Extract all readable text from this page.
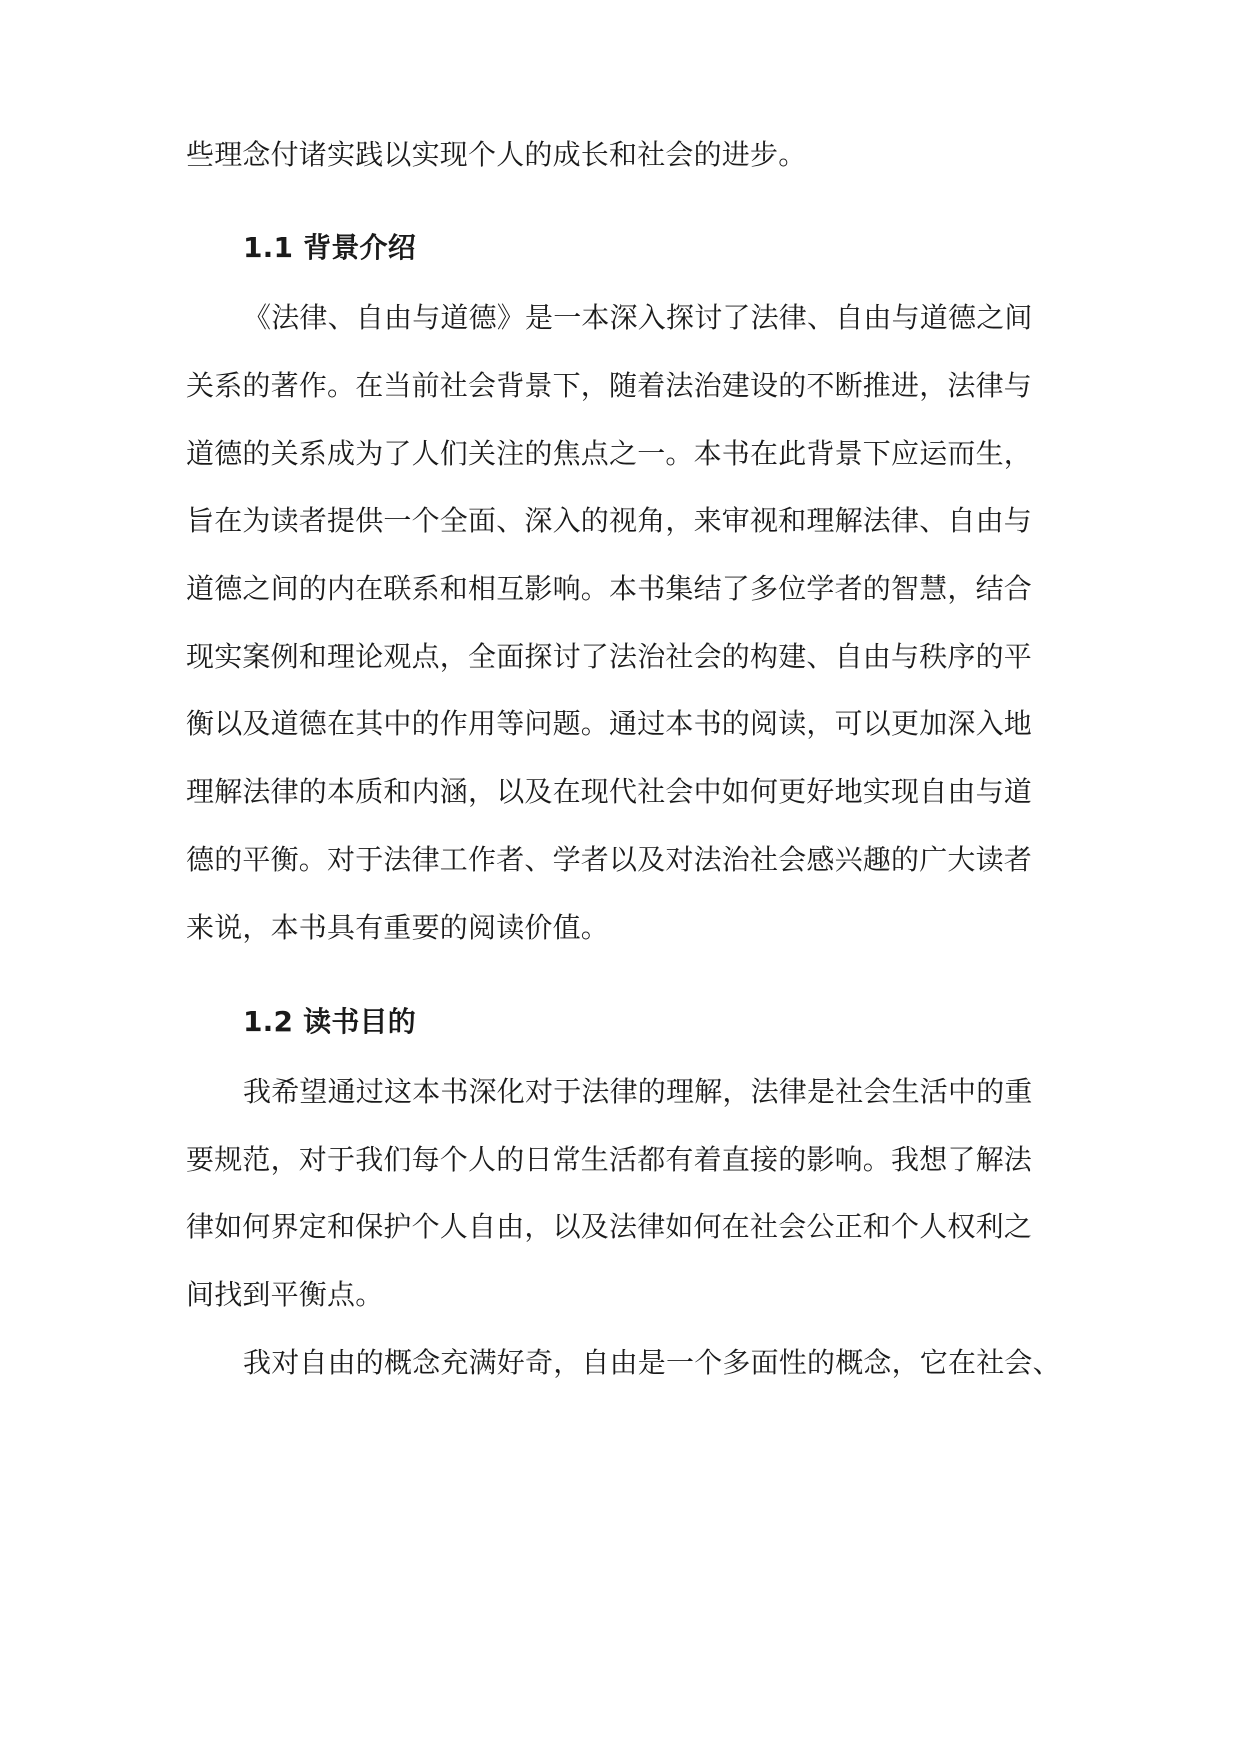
些理念付诸实践以实现个人的成长和社会的进步。

1.1 背景介绍

《法律、自由与道德》是一本深入探讨了法律、自由与道德之间

关系的著作。在当前社会背景下，随着法治建设的不断推进，法律与

道德的关系成为了人们关注的焦点之一。本书在此背景下应运而生，

旨在为读者提供一个全面、深入的视角，来审视和理解法律、自由与

道德之间的内在联系和相互影响。本书集结了多位学者的智慧，结合

现实案例和理论观点，全面探讨了法治社会的构建、自由与秩序的平

衡以及道德在其中的作用等问题。通过本书的阅读，可以更加深入地

理解法律的本质和内涵，以及在现代社会中如何更好地实现自由与道

德的平衡。对于法律工作者、学者以及对法治社会感兴趣的广大读者

来说，本书具有重要的阅读价值。

1.2 读书目的

我希望通过这本书深化对于法律的理解，法律是社会生活中的重

要规范，对于我们每个人的日常生活都有着直接的影响。我想了解法

律如何界定和保护个人自由，以及法律如何在社会公正和个人权利之

间找到平衡点。

我对自由的概念充满好奇，自由是一个多面性的概念，它在社会、
